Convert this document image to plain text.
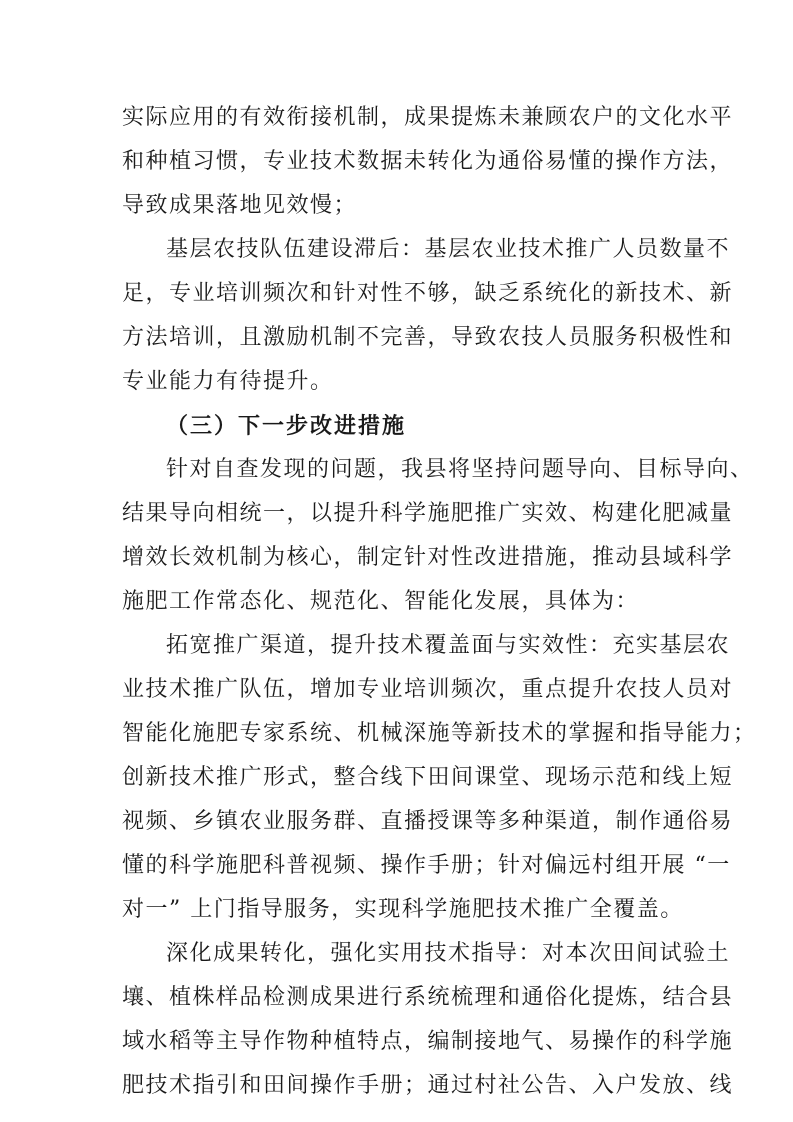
实际应用的有效衔接机制，成果提炼未兼顾农户的文化水平
和种植习惯，专业技术数据未转化为通俗易懂的操作方法，
导致成果落地见效慢；
基层农技队伍建设滞后：基层农业技术推广人员数量不
足，专业培训频次和针对性不够，缺乏系统化的新技术、新
方法培训，且激励机制不完善，导致农技人员服务积极性和
专业能力有待提升。
（三）下一步改进措施
针对自查发现的问题，我县将坚持问题导向、目标导向、
结果导向相统一，以提升科学施肥推广实效、构建化肥减量
增效长效机制为核心，制定针对性改进措施，推动县域科学
施肥工作常态化、规范化、智能化发展，具体为：
拓宽推广渠道，提升技术覆盖面与实效性：充实基层农
业技术推广队伍，增加专业培训频次，重点提升农技人员对
智能化施肥专家系统、机械深施等新技术的掌握和指导能力；
创新技术推广形式，整合线下田间课堂、现场示范和线上短
视频、乡镇农业服务群、直播授课等多种渠道，制作通俗易
懂的科学施肥科普视频、操作手册；针对偏远村组开展 “一
对一” 上门指导服务，实现科学施肥技术推广全覆盖。
深化成果转化，强化实用技术指导：对本次田间试验土
壤、植株样品检测成果进行系统梳理和通俗化提炼，结合县
域水稻等主导作物种植特点，编制接地气、易操作的科学施
肥技术指引和田间操作手册；通过村社公告、入户发放、线
